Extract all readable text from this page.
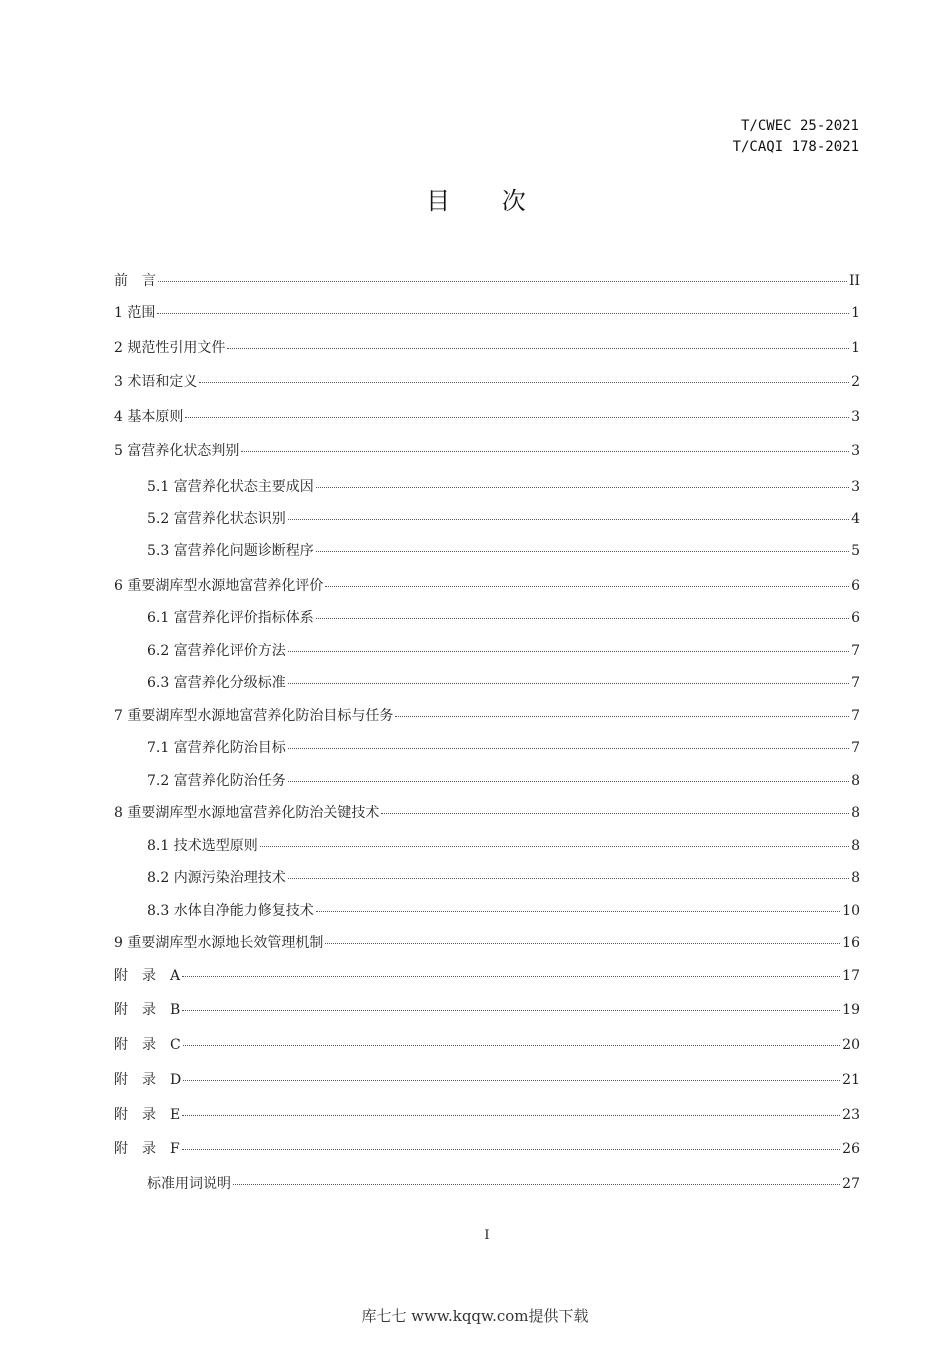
T/CWEC 25-2021
T/CAQI 178-2021
目 次
前　言	II
1 范围	1
2 规范性引用文件	1
3 术语和定义	2
4 基本原则	3
5 富营养化状态判别	3
5.1 富营养化状态主要成因	3
5.2 富营养化状态识别	4
5.3 富营养化问题诊断程序	5
6 重要湖库型水源地富营养化评价	6
6.1 富营养化评价指标体系	6
6.2 富营养化评价方法	7
6.3 富营养化分级标准	7
7 重要湖库型水源地富营养化防治目标与任务	7
7.1 富营养化防治目标	7
7.2 富营养化防治任务	8
8 重要湖库型水源地富营养化防治关键技术	8
8.1 技术选型原则	8
8.2 内源污染治理技术	8
8.3 水体自净能力修复技术	10
9 重要湖库型水源地长效管理机制	16
附　录　A	17
附　录　B	19
附　录　C	20
附　录　D	21
附　录　E	23
附　录　F	26
标准用词说明	27
I
库七七 www.kqqw.com提供下载
